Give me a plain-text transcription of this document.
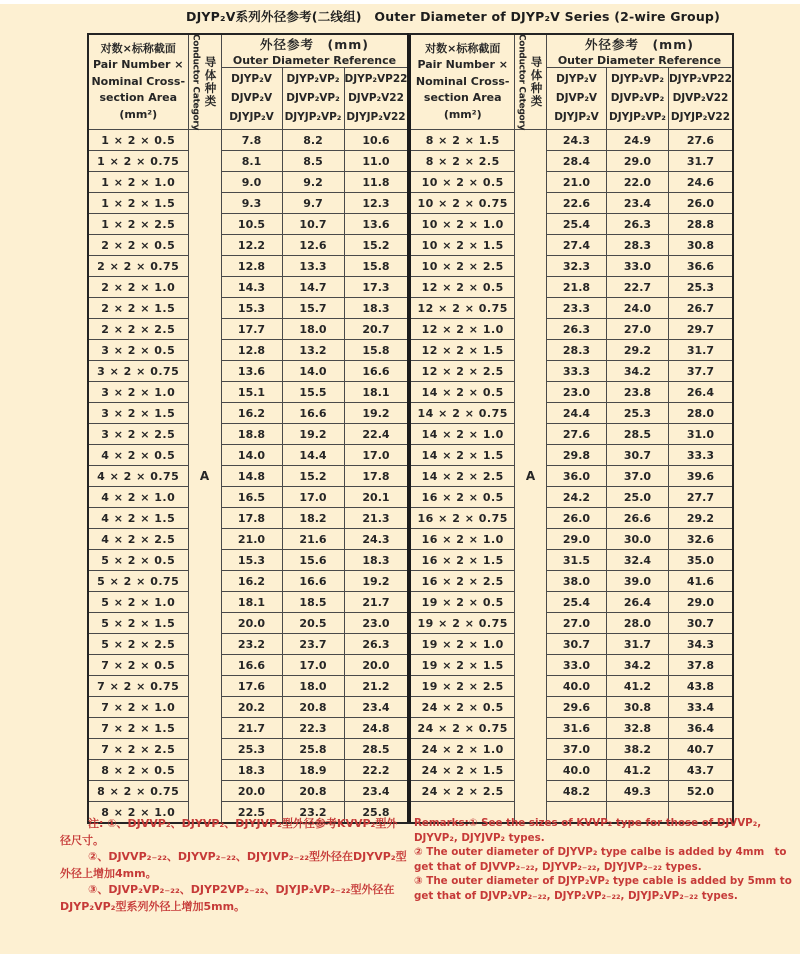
DJYP₂V系列外径参考(二线组)　Outer Diameter of DJYP₂V Series (2-wire Group)
对数×标称截面
Pair Number ×
Nominal Cross-
section Area
(mm²)	Conductor Category 导体种类

外径参考　(mm)
Outer Diameter Reference

DJYP₂V
DJVP₂V
DJYJP₂V

DJYP₂VP₂
DJVP₂VP₂
DJYJP₂VP₂

DJYP₂VP22
DJVP₂V22
DJYJP₂V22

1 × 2 × 0.5	A	7.8	8.2	10.6
1 × 2 × 0.75		8.1	8.5	11.0
1 × 2 × 1.0		9.0	9.2	11.8
1 × 2 × 1.5		9.3	9.7	12.3
1 × 2 × 2.5		10.5	10.7	13.6
2 × 2 × 0.5		12.2	12.6	15.2
2 × 2 × 0.75		12.8	13.3	15.8
2 × 2 × 1.0		14.3	14.7	17.3
2 × 2 × 1.5		15.3	15.7	18.3
2 × 2 × 2.5		17.7	18.0	20.7
3 × 2 × 0.5		12.8	13.2	15.8
3 × 2 × 0.75		13.6	14.0	16.6
3 × 2 × 1.0		15.1	15.5	18.1
3 × 2 × 1.5		16.2	16.6	19.2
3 × 2 × 2.5		18.8	19.2	22.4
4 × 2 × 0.5		14.0	14.4	17.0
4 × 2 × 0.75		14.8	15.2	17.8
4 × 2 × 1.0		16.5	17.0	20.1
4 × 2 × 1.5		17.8	18.2	21.3
4 × 2 × 2.5		21.0	21.6	24.3
5 × 2 × 0.5		15.3	15.6	18.3
5 × 2 × 0.75		16.2	16.6	19.2
5 × 2 × 1.0		18.1	18.5	21.7
5 × 2 × 1.5		20.0	20.5	23.0
5 × 2 × 2.5		23.2	23.7	26.3
7 × 2 × 0.5		16.6	17.0	20.0
7 × 2 × 0.75		17.6	18.0	21.2
7 × 2 × 1.0		20.2	20.8	23.4
7 × 2 × 1.5		21.7	22.3	24.8
7 × 2 × 2.5		25.3	25.8	28.5
8 × 2 × 0.5		18.3	18.9	22.2
8 × 2 × 0.75		20.0	20.8	23.4
8 × 2 × 1.0		22.5	23.2	25.8
对数×标称截面
Pair Number ×
Nominal Cross-
section Area
(mm²)	Conductor Category 导体种类

外径参考　(mm)
Outer Diameter Reference

DJYP₂V
DJVP₂V
DJYJP₂V

DJYP₂VP₂
DJVP₂VP₂
DJYJP₂VP₂

DJYP₂VP22
DJVP₂V22
DJYJP₂V22

8 × 2 × 1.5	A	24.3	24.9	27.6
8 × 2 × 2.5		28.4	29.0	31.7
10 × 2 × 0.5		21.0	22.0	24.6
10 × 2 × 0.75		22.6	23.4	26.0
10 × 2 × 1.0		25.4	26.3	28.8
10 × 2 × 1.5		27.4	28.3	30.8
10 × 2 × 2.5		32.3	33.0	36.6
12 × 2 × 0.5		21.8	22.7	25.3
12 × 2 × 0.75		23.3	24.0	26.7
12 × 2 × 1.0		26.3	27.0	29.7
12 × 2 × 1.5		28.3	29.2	31.7
12 × 2 × 2.5		33.3	34.2	37.7
14 × 2 × 0.5		23.0	23.8	26.4
14 × 2 × 0.75		24.4	25.3	28.0
14 × 2 × 1.0		27.6	28.5	31.0
14 × 2 × 1.5		29.8	30.7	33.3
14 × 2 × 2.5		36.0	37.0	39.6
16 × 2 × 0.5		24.2	25.0	27.7
16 × 2 × 0.75		26.0	26.6	29.2
16 × 2 × 1.0		29.0	30.0	32.6
16 × 2 × 1.5		31.5	32.4	35.0
16 × 2 × 2.5		38.0	39.0	41.6
19 × 2 × 0.5		25.4	26.4	29.0
19 × 2 × 0.75		27.0	28.0	30.7
19 × 2 × 1.0		30.7	31.7	34.3
19 × 2 × 1.5		33.0	34.2	37.8
19 × 2 × 2.5		40.0	41.2	43.8
24 × 2 × 0.5		29.6	30.8	33.4
24 × 2 × 0.75		31.6	32.8	36.4
24 × 2 × 1.0		37.0	38.2	40.7
24 × 2 × 1.5		40.0	41.2	43.7
24 × 2 × 2.5		48.2	49.3	52.0

注: ①、DJVVP₂、DJYVP₂、DJYJVP₂型外径参考KVVP₂型外径尺寸。

②、DJVVP₂₋₂₂、DJYVP₂₋₂₂、DJYJVP₂₋₂₂型外径在DJYVP₂型外径上增加4mm。

③、DJVP₂VP₂₋₂₂、DJYP2VP₂₋₂₂、DJYJP₂VP₂₋₂₂型外径在DJYP₂VP₂型系列外径上增加5mm。

Remarks:① See the sizes of KVVP₂ type for those of DJVVP₂, DJYVP₂, DJYJVP₂ types.

② The outer diameter of DJYVP₂ type calbe is added by 4mm　to get that of DJVVP₂₋₂₂, DJYVP₂₋₂₂, DJYJVP₂₋₂₂ types.

③ The outer diameter of DJYP₂VP₂ type cable is added by 5mm to get that of DJVP₂VP₂₋₂₂, DJYP₂VP₂₋₂₂, DJYJP₂VP₂₋₂₂ types.
